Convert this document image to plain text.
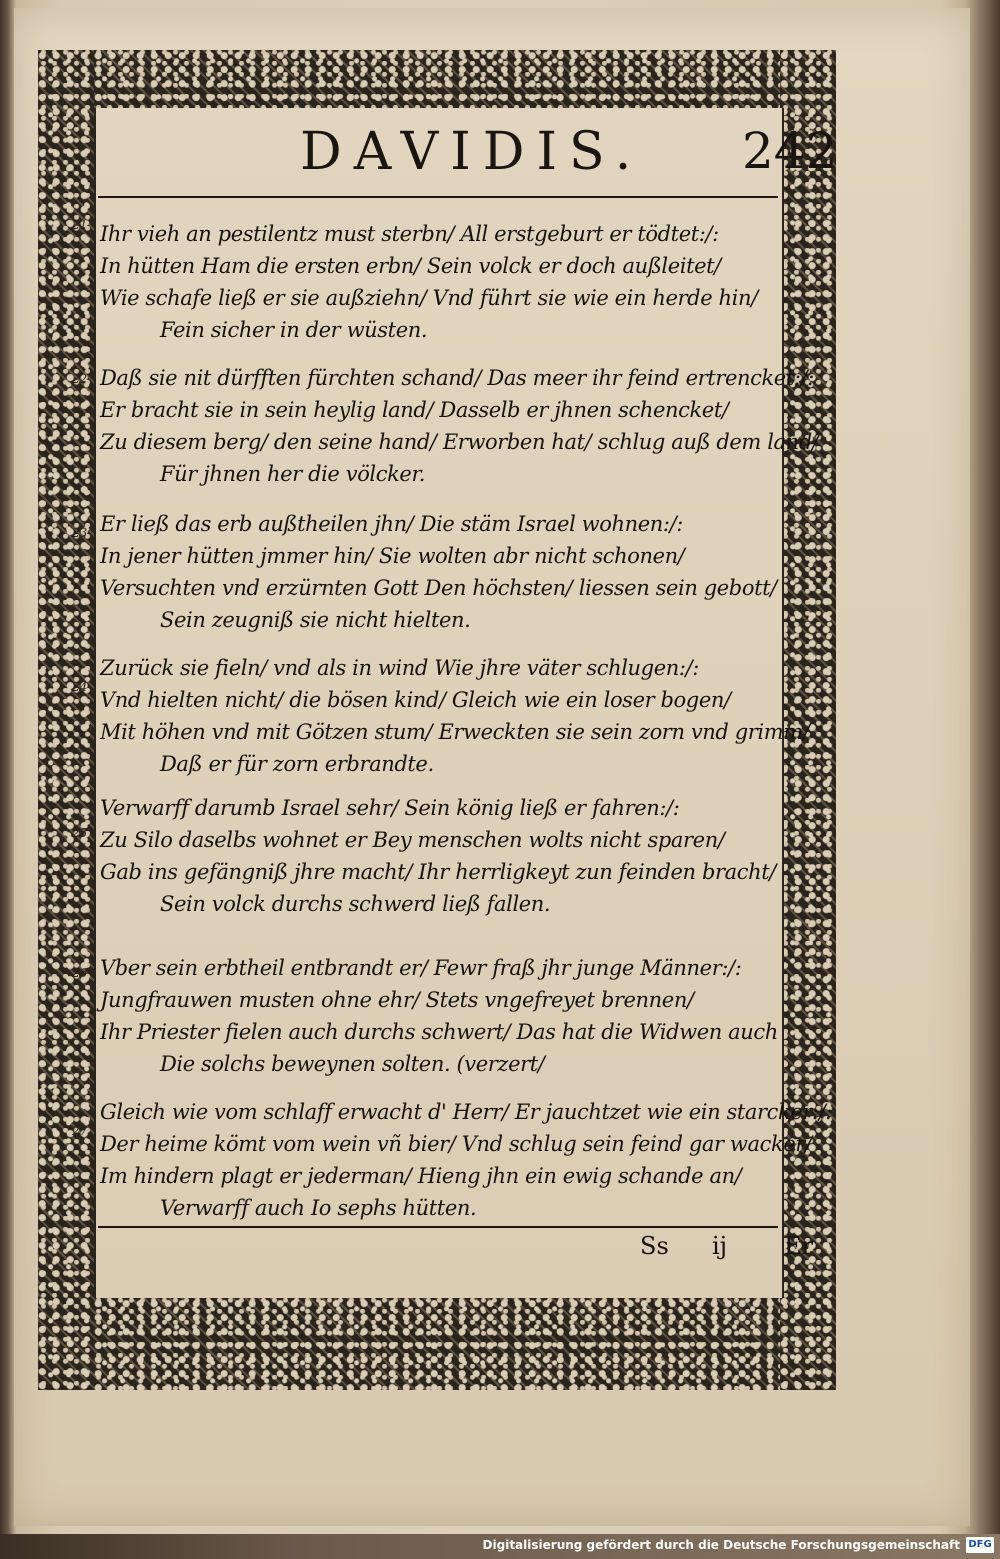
DAVIDIS. 242
21 Ihr vieh an pestilentz must sterbn/ All erstgeburt er tödtet:/:
In hütten Ham die ersten erbn/ Sein volck er doch außleitet/
Wie schafe ließ er sie außziehn/ Vnd führt sie wie ein herde hin/
Fein sicher in der wüsten.
22 Daß sie nit dürfften fürchten schand/ Das meer ihr feind ertrencket:/:
Er bracht sie in sein heylig land/ Dasselb er jhnen schencket/
Zu diesem berg/ den seine hand/ Erworben hat/ schlug auß dem land/
Für jhnen her die völcker.
23 Er ließ das erb außtheilen jhn/ Die stäm Israel wohnen:/:
In jener hütten jmmer hin/ Sie wolten abr nicht schonen/
Versuchten vnd erzürnten Gott Den höchsten/ liessen sein gebott/
Sein zeugniß sie nicht hielten.
24
Zurück sie fieln/ vnd als in wind Wie jhre väter schlugen:/:
Vnd hielten nicht/ die bösen kind/ Gleich wie ein loser bogen/
Mit höhen vnd mit Götzen stum/ Erweckten sie sein zorn vnd grimm/
Daß er für zorn erbrandte.
25
Verwarff darumb Israel sehr/ Sein könig ließ er fahren:/:
Zu Silo daselbs wohnet er Bey menschen wolts nicht sparen/
Gab ins gefängniß jhre macht/ Ihr herrligkeyt zun feinden bracht/
Sein volck durchs schwerd ließ fallen.
26 Vber sein erbtheil entbrandt er/ Fewr fraß jhr junge Männer:/:
Jungfrauwen musten ohne ehr/ Stets vngefreyet brennen/
Ihr Priester fielen auch durchs schwert/ Das hat die Widwen auch
Die solchs beweynen solten. (verzert/
27
Gleich wie vom schlaff erwacht d' Herr/ Er jauchtzet wie ein starcker:/:
Der heime kömt vom wein vñ bier/ Vnd schlug sein feind gar wacker/
Im hindern plagt er jederman/ Hieng jhn ein ewig schande an/
Verwarff auch Io sephs hütten.
Ss ij Er
Digitalisierung gefördert durch die Deutsche Forschungsgemeinschaft DFG
